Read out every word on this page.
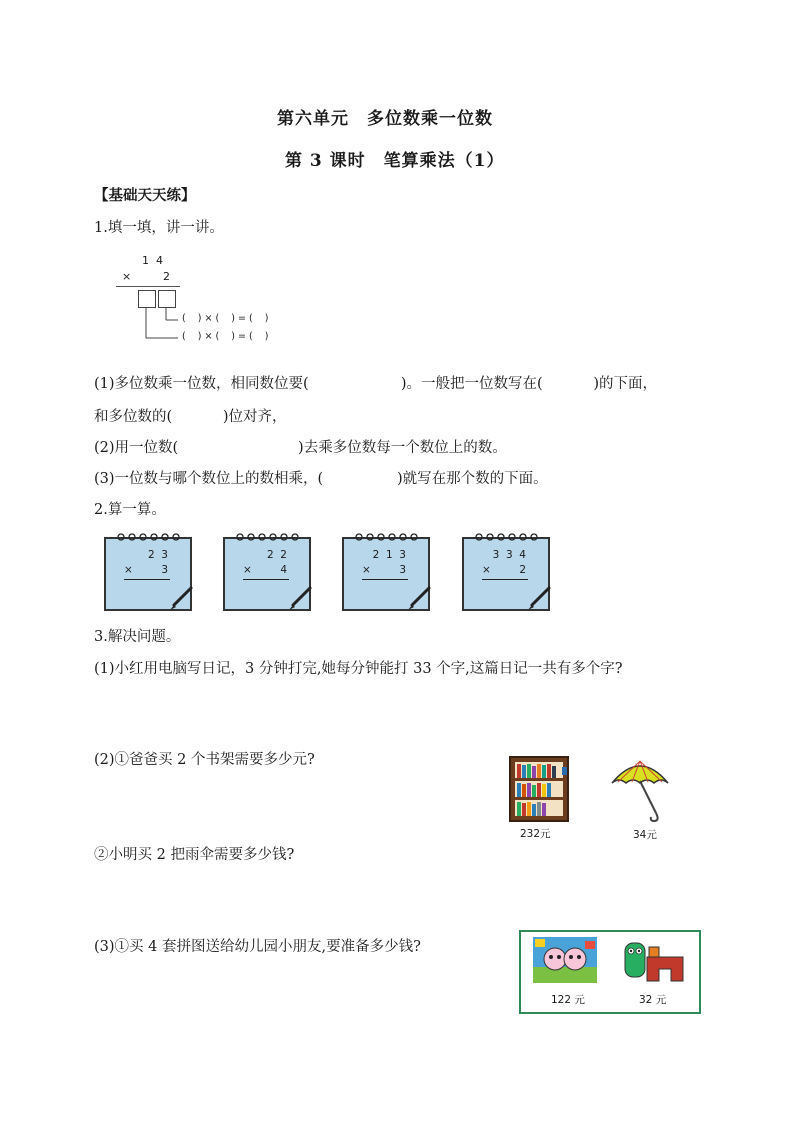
第六单元　多位数乘一位数
第 3 课时　笔算乘法（1）
【基础天天练】
1.填一填，讲一讲。
1  4
×	2
(    ) × (    ) = (    )
(    ) × (    ) = (    )
(1)多位数乘一位数，相同数位要(                    )。一般把一位数写在(           )的下面，
和多位数的(           )位对齐，
(2)用一位数(                          )去乘多位数每一个数位上的数。
(3)一位数与哪个数位上的数相乘，(                )就写在那个数的下面。
2.算一算。
2  3
×	3
2  2
×	4
2  1  3
×	3
3  3  4
×	2
3.解决问题。
(1)小红用电脑写日记，3 分钟打完,她每分钟能打 33 个字,这篇日记一共有多个字?
(2)①爸爸买 2 个书架需要多少元?
②小明买 2 把雨伞需要多少钱?
(3)①买 4 套拼图送给幼儿园小朋友,要准备多少钱?
232元	34元
122 元	32 元
